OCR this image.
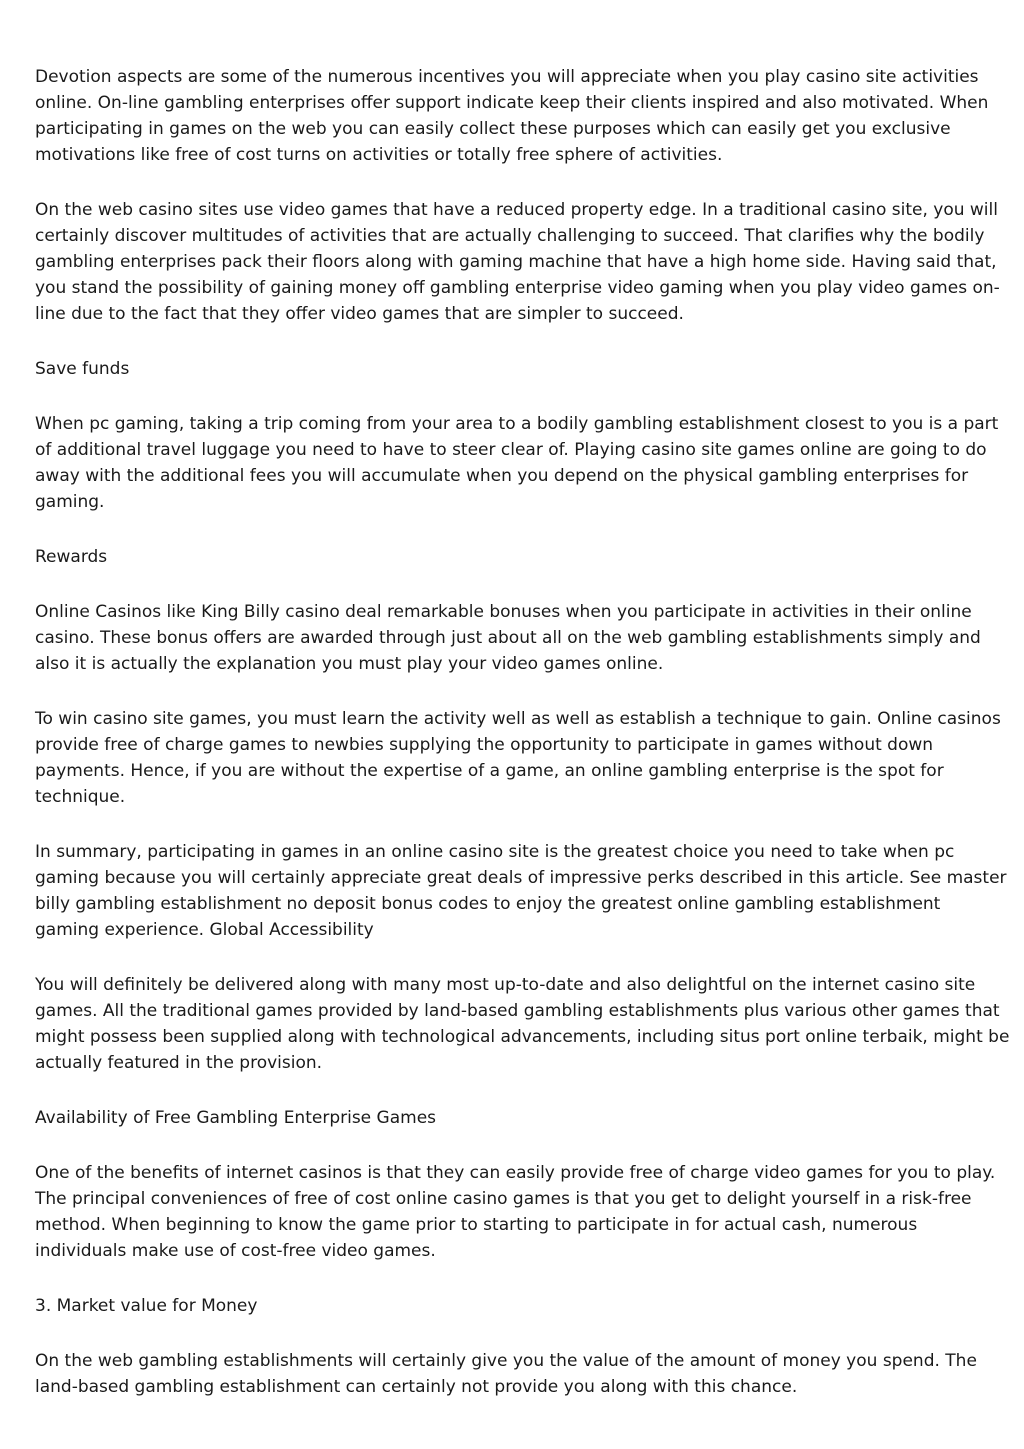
Devotion aspects are some of the numerous incentives you will appreciate when you play casino site activities
online. On-line gambling enterprises offer support indicate keep their clients inspired and also motivated. When
participating in games on the web you can easily collect these purposes which can easily get you exclusive
motivations like free of cost turns on activities or totally free sphere of activities.
On the web casino sites use video games that have a reduced property edge. In a traditional casino site, you will
certainly discover multitudes of activities that are actually challenging to succeed. That clarifies why the bodily
gambling enterprises pack their floors along with gaming machine that have a high home side. Having said that,
you stand the possibility of gaining money off gambling enterprise video gaming when you play video games on-
line due to the fact that they offer video games that are simpler to succeed.
Save funds
When pc gaming, taking a trip coming from your area to a bodily gambling establishment closest to you is a part
of additional travel luggage you need to have to steer clear of. Playing casino site games online are going to do
away with the additional fees you will accumulate when you depend on the physical gambling enterprises for
gaming.
Rewards
Online Casinos like King Billy casino deal remarkable bonuses when you participate in activities in their online
casino. These bonus offers are awarded through just about all on the web gambling establishments simply and
also it is actually the explanation you must play your video games online.
To win casino site games, you must learn the activity well as well as establish a technique to gain. Online casinos
provide free of charge games to newbies supplying the opportunity to participate in games without down
payments. Hence, if you are without the expertise of a game, an online gambling enterprise is the spot for
technique.
In summary, participating in games in an online casino site is the greatest choice you need to take when pc
gaming because you will certainly appreciate great deals of impressive perks described in this article. See master
billy gambling establishment no deposit bonus codes to enjoy the greatest online gambling establishment
gaming experience. Global Accessibility
You will definitely be delivered along with many most up-to-date and also delightful on the internet casino site
games. All the traditional games provided by land-based gambling establishments plus various other games that
might possess been supplied along with technological advancements, including situs port online terbaik, might be
actually featured in the provision.
Availability of Free Gambling Enterprise Games
One of the benefits of internet casinos is that they can easily provide free of charge video games for you to play.
The principal conveniences of free of cost online casino games is that you get to delight yourself in a risk-free
method. When beginning to know the game prior to starting to participate in for actual cash, numerous
individuals make use of cost-free video games.
3. Market value for Money
On the web gambling establishments will certainly give you the value of the amount of money you spend. The
land-based gambling establishment can certainly not provide you along with this chance.
